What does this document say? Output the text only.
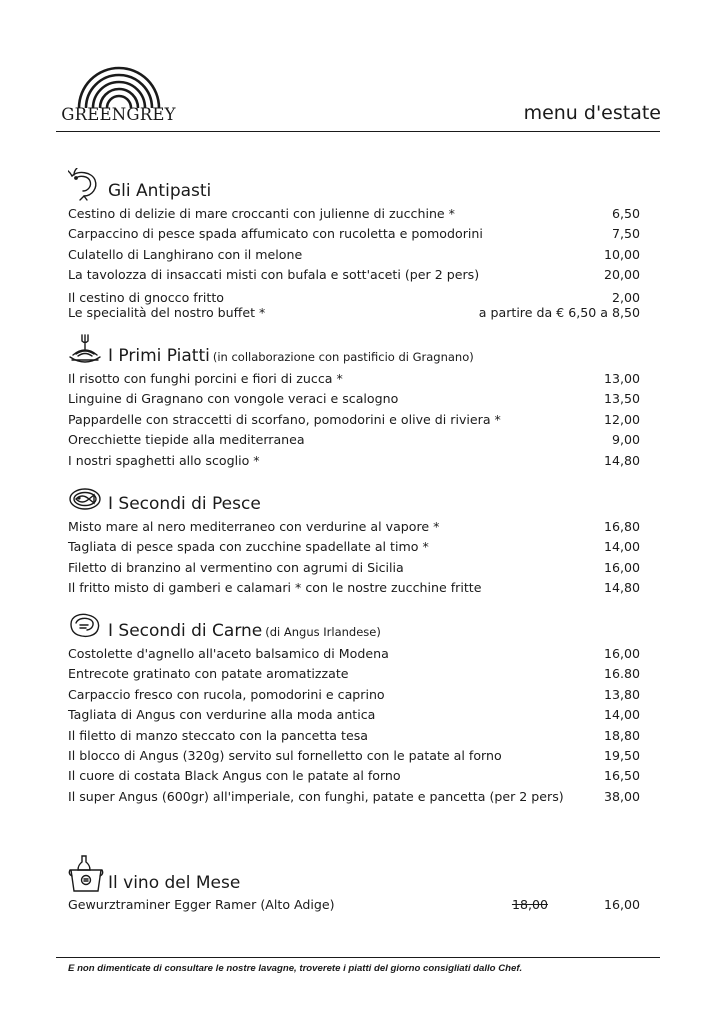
GREENGREY	menu d'estate
Gli Antipasti
Cestino di delizie di mare croccanti con julienne di zucchine *	6,50
Carpaccino di pesce spada affumicato con rucoletta e pomodorini	7,50
Culatello di Langhirano con il melone	10,00
La tavolozza di insaccati misti con bufala e sott'aceti (per 2 pers)	20,00
Il cestino di gnocco fritto	2,00
Le specialità del nostro buffet *	a partire da € 6,50 a 8,50
I Primi Piatti (in collaborazione con pastificio di Gragnano)
Il risotto con funghi porcini e fiori di zucca *	13,00
Linguine di Gragnano con vongole veraci e scalogno	13,50
Pappardelle con straccetti di scorfano, pomodorini e olive di riviera *	12,00
Orecchiette tiepide alla mediterranea	9,00
I nostri spaghetti allo scoglio *	14,80
I Secondi di Pesce
Misto mare al nero mediterraneo con verdurine al vapore *	16,80
Tagliata di pesce spada con zucchine spadellate al timo *	14,00
Filetto di branzino al vermentino con agrumi di Sicilia	16,00
Il fritto misto di gamberi e calamari * con le nostre zucchine fritte	14,80
I Secondi di Carne (di Angus Irlandese)
Costolette d'agnello all'aceto balsamico di Modena	16,00
Entrecote gratinato con patate aromatizzate	16.80
Carpaccio fresco con rucola, pomodorini e caprino	13,80
Tagliata di Angus con verdurine alla moda antica	14,00
Il filetto di manzo steccato con la pancetta tesa	18,80
Il blocco di Angus (320g) servito sul fornelletto con le patate al forno	19,50
Il cuore di costata Black Angus con le patate al forno	16,50
Il super Angus (600gr) all'imperiale, con funghi, patate e pancetta (per 2 pers)	38,00
Il vino del Mese
Gewurztraminer Egger Ramer (Alto Adige)	18,00	16,00
E non dimenticate di consultare le nostre lavagne, troverete i piatti del giorno consigliati dallo Chef.
